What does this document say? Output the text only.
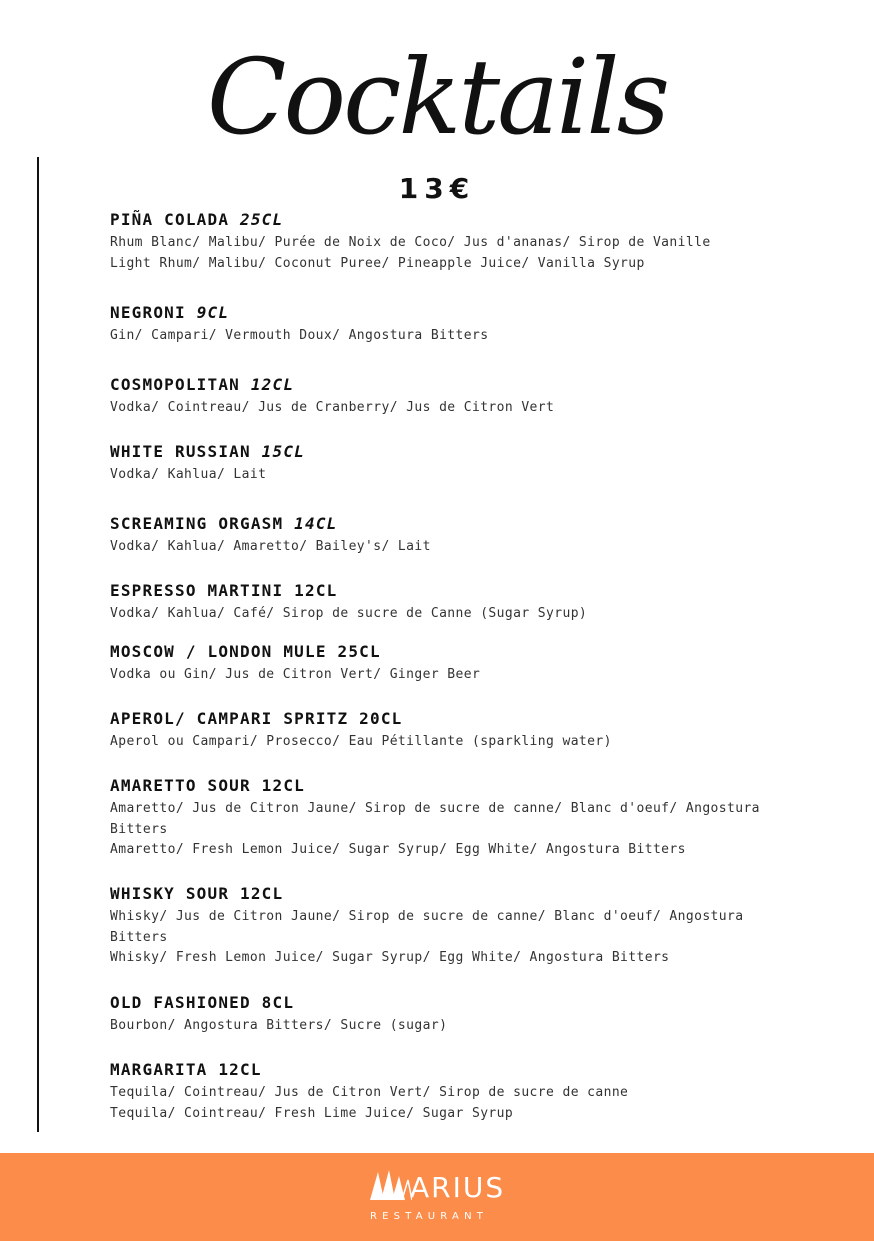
Cocktails
13€
PIÑA COLADA 25CL
Rhum Blanc/ Malibu/ Purée de Noix de Coco/ Jus d'ananas/ Sirop de Vanille
Light Rhum/ Malibu/ Coconut Puree/ Pineapple Juice/ Vanilla Syrup
NEGRONI 9CL
Gin/ Campari/ Vermouth Doux/ Angostura Bitters
COSMOPOLITAN 12CL
Vodka/ Cointreau/ Jus de Cranberry/ Jus de Citron Vert
WHITE RUSSIAN 15CL
Vodka/ Kahlua/ Lait
SCREAMING ORGASM 14CL
Vodka/ Kahlua/ Amaretto/ Bailey's/ Lait
ESPRESSO MARTINI 12CL
Vodka/ Kahlua/ Café/ Sirop de sucre de Canne (Sugar Syrup)
MOSCOW / LONDON MULE 25CL
Vodka ou Gin/ Jus de Citron Vert/ Ginger Beer
APEROL/ CAMPARI SPRITZ 20CL
Aperol ou Campari/ Prosecco/ Eau Pétillante (sparkling water)
AMARETTO SOUR 12CL
Amaretto/ Jus de Citron Jaune/ Sirop de sucre de canne/ Blanc d'oeuf/ Angostura
Bitters
Amaretto/ Fresh Lemon Juice/ Sugar Syrup/ Egg White/ Angostura Bitters
WHISKY SOUR 12CL
Whisky/ Jus de Citron Jaune/ Sirop de sucre de canne/ Blanc d'oeuf/ Angostura
Bitters
Whisky/ Fresh Lemon Juice/ Sugar Syrup/ Egg White/ Angostura Bitters
OLD FASHIONED 8CL
Bourbon/ Angostura Bitters/ Sucre (sugar)
MARGARITA 12CL
Tequila/ Cointreau/ Jus de Citron Vert/ Sirop de sucre de canne
Tequila/ Cointreau/ Fresh Lime Juice/ Sugar Syrup
ARIUS
RESTAURANT
